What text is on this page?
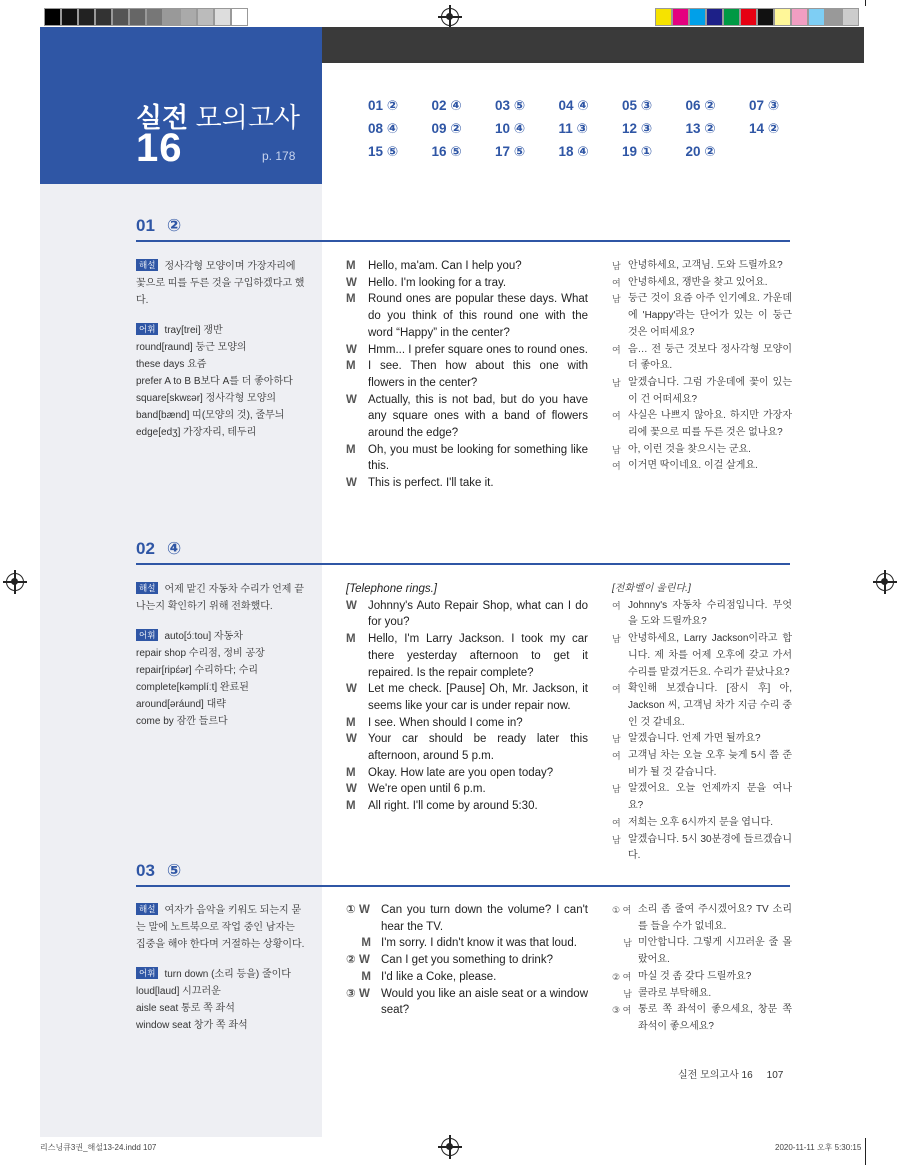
실전 모의고사
16	p. 178
01 ②	02 ④	03 ⑤	04 ④	05 ③	06 ②	07 ③
08 ④	09 ②	10 ④	11 ③	12 ③	13 ②	14 ②
15 ⑤	16 ⑤	17 ⑤	18 ④	19 ①	20 ②
01 ②
해설 정사각형 모양이며 가장자리에 꽃으로 띠를 두른 것을 구입하겠다고 했다.
어휘 tray[trei] 쟁반
round[raund] 둥근 모양의
these days 요즘
prefer A to B B보다 A를 더 좋아하다
square[skwɛər] 정사각형 모양의
band[bænd] 띠(모양의 것), 줄무늬
edge[edʒ] 가장자리, 테두리
M	Hello, ma'am. Can I help you?
W Hello. I'm looking for a tray.
M	Round ones are popular these days. What do you think of this round one with the word “Happy” in the center?
W Hmm... I prefer square ones to round ones.
M	I see. Then how about this one with flowers in the center?
W Actually, this is not bad, but do you have any square ones with a band of flowers around the edge?
M	Oh, you must be looking for something like this.
W This is perfect. I'll take it.
남 안녕하세요, 고객님. 도와 드릴까요?
여 안녕하세요, 쟁반을 찾고 있어요.
남 둥근 것이 요즘 아주 인기예요. 가운데에 'Happy'라는 단어가 있는 이 둥근 것은 어떠세요?
여 음… 전 둥근 것보다 정사각형 모양이 더 좋아요.
남 알겠습니다. 그럼 가운데에 꽃이 있는 이 건 어떠세요?
여 사실은 나쁘지 않아요. 하지만 가장자리에 꽃으로 띠를 두른 것은 없나요?
남 아, 이런 것을 찾으시는 군요.
여 이거면 딱이네요. 이걸 살게요.
02 ④
해설 어제 맡긴 자동차 수리가 언제 끝나는지 확인하기 위해 전화했다.
어휘 auto[ɔ́ːtou] 자동차
repair shop 수리점, 정비 공장
repair[ripɛ́ər] 수리하다; 수리
complete[kəmplíːt] 완료된
around[əráund] 대략
come by 잠깐 들르다
[Telephone rings.]
W Johnny's Auto Repair Shop, what can I do for you?
M	Hello, I'm Larry Jackson. I took my car there yesterday afternoon to get it repaired. Is the repair complete?
W Let me check. [Pause] Oh, Mr. Jackson, it seems like your car is under repair now.
M	I see. When should I come in?
W Your car should be ready later this afternoon, around 5 p.m.
M	Okay. How late are you open today?
W We're open until 6 p.m.
M	All right. I'll come by around 5:30.
[전화벨이 울린다.]
여 Johnny's 자동차 수리점입니다. 무엇을 도와 드릴까요?
남 안녕하세요, Larry Jackson이라고 합니다. 제 차를 어제 오후에 갖고 가서 수리를 맡겼거든요. 수리가 끝났나요?
여 확인해 보겠습니다. [잠시 후] 아, Jackson 씨, 고객님 차가 지금 수리 중인 것 같네요.
남 알겠습니다. 언제 가면 될까요?
여 고객님 차는 오늘 오후 늦게 5시 쯤 준비가 될 것 같습니다.
남 알겠어요. 오늘 언제까지 문을 여나요?
여 저희는 오후 6시까지 문을 엽니다.
남 알겠습니다. 5시 30분경에 들르겠습니다.
03 ⑤
해설 여자가 음악을 키워도 되는지 묻는 말에 노트북으로 작업 중인 남자는 집중을 해야 한다며 거절하는 상황이다.
어휘 turn down (소리 등을) 줄이다
loud[laud] 시끄러운
aisle seat 통로 쪽 좌석
window seat 창가 쪽 좌석
① W Can you turn down the volume? I can't hear the TV.
M I'm sorry. I didn't know it was that loud.
② W Can I get you something to drink?
M I'd like a Coke, please.
③ W Would you like an aisle seat or a window seat?
① 여 소리 좀 줄여 주시겠어요? TV 소리를 들을 수가 없네요.
남 미안합니다. 그렇게 시끄러운 줄 몰랐어요.
② 여 마실 것 좀 갖다 드릴까요?
남 콜라로 부탁해요.
③ 여 통로 쪽 좌석이 좋으세요, 창문 쪽 좌석이 좋으세요?
실전 모의고사 16 107
리스닝큐3권_해설13-24.indd 107	2020-11-11 오후 5:30:15
